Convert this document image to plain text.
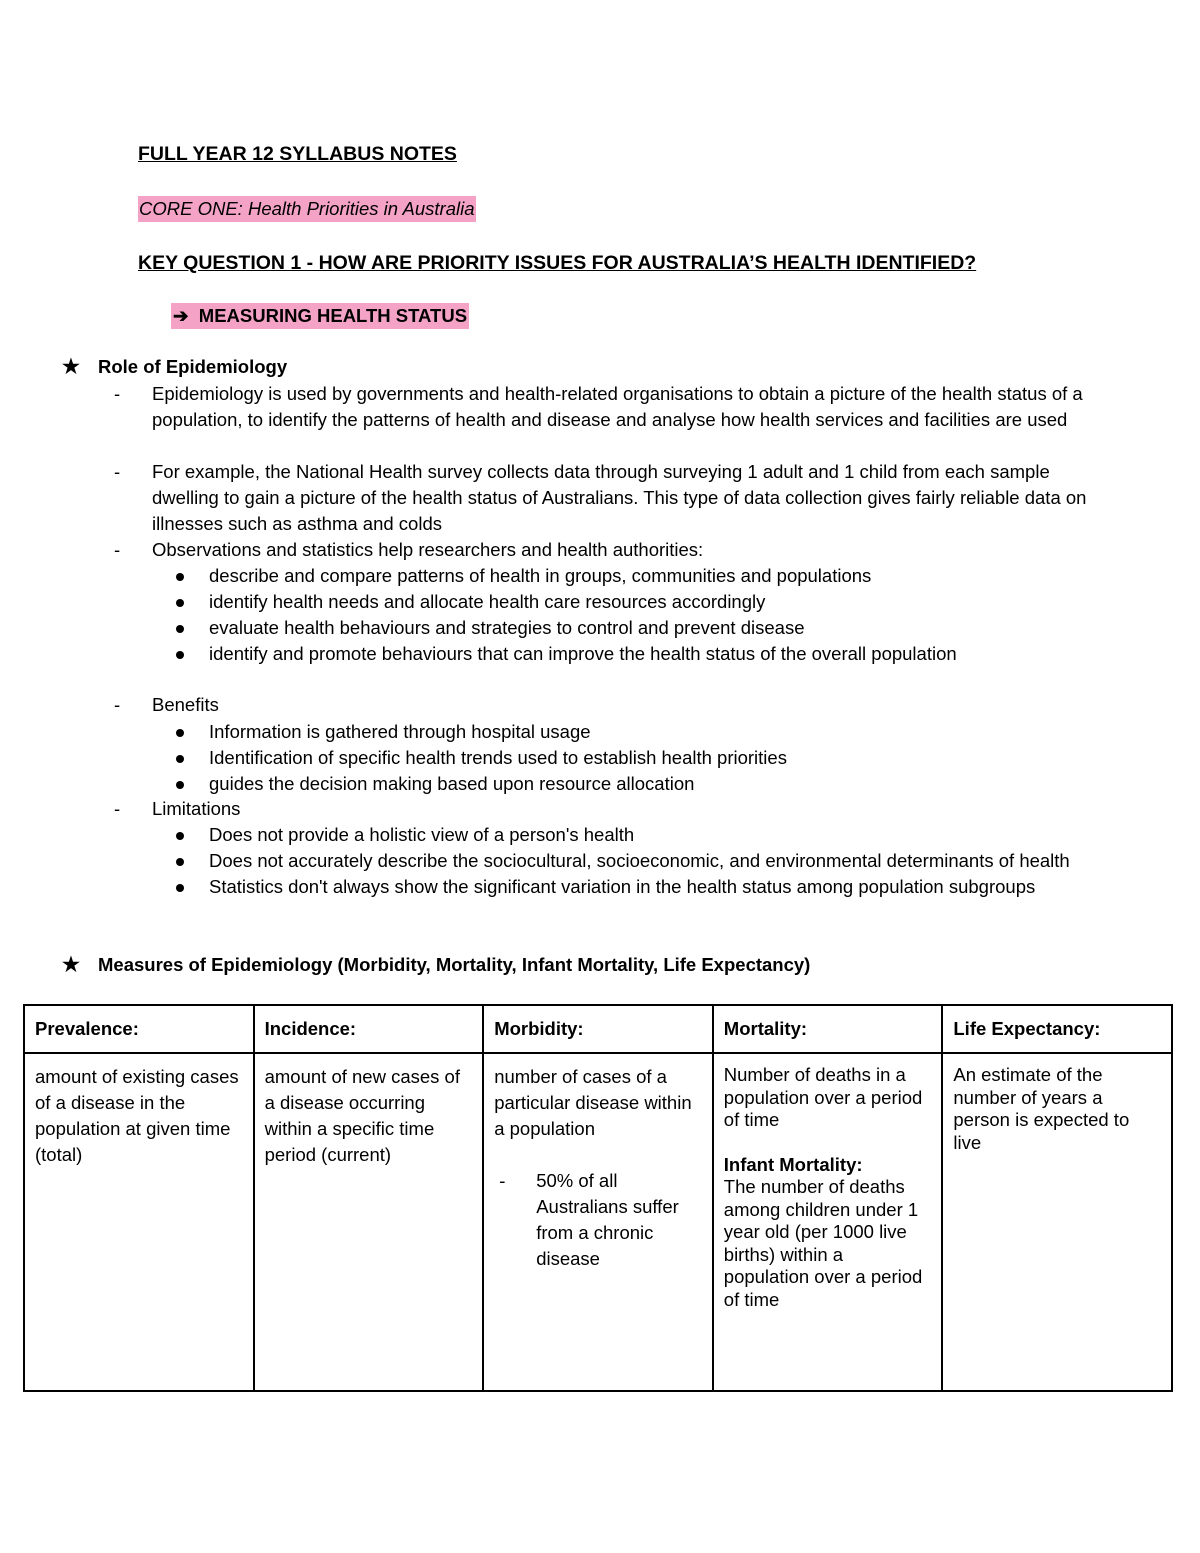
FULL YEAR 12 SYLLABUS NOTES
CORE ONE: Health Priorities in Australia
KEY QUESTION 1 - HOW ARE PRIORITY ISSUES FOR AUSTRALIA’S HEALTH IDENTIFIED?
➔ MEASURING HEALTH STATUS
★ Role of Epidemiology
- Epidemiology is used by governments and health-related organisations to obtain a picture of the health status of a population, to identify the patterns of health and disease and analyse how health services and facilities are used
- For example, the National Health survey collects data through surveying 1 adult and 1 child from each sample dwelling to gain a picture of the health status of Australians. This type of data collection gives fairly reliable data on illnesses such as asthma and colds
- Observations and statistics help researchers and health authorities:
describe and compare patterns of health in groups, communities and populations
identify health needs and allocate health care resources accordingly
evaluate health behaviours and strategies to control and prevent disease
identify and promote behaviours that can improve the health status of the overall population
- Benefits
Information is gathered through hospital usage
Identification of specific health trends used to establish health priorities
guides the decision making based upon resource allocation
- Limitations
Does not provide a holistic view of a person's health
Does not accurately describe the sociocultural, socioeconomic, and environmental determinants of health
Statistics don't always show the significant variation in the health status among population subgroups
★ Measures of Epidemiology (Morbidity, Mortality, Infant Mortality, Life Expectancy)
Prevalence:	Incidence:	Morbidity:	Mortality:	Life Expectancy:

amount of existing cases of a disease in the population at given time (total)	amount of new cases of a disease occurring within a specific time period (current)	number of cases of a particular disease within a population
- 50% of all Australians suffer from a chronic disease	Number of deaths in a population over a period of time
Infant Mortality:
The number of deaths among children under 1 year old (per 1000 live births) within a population over a period of time	An estimate of the number of years a person is expected to live
